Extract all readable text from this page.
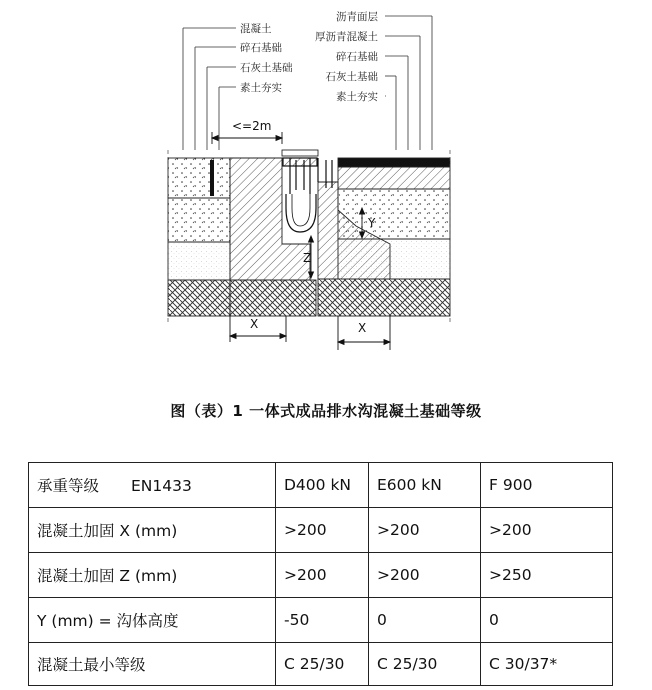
混凝土
碎石基础
石灰土基础
素土夯实
沥青面层
厚沥青混凝土
碎石基础
石灰土基础
素土夯实
<=2m
Z
Y
X	X
图（表）1 一体式成品排水沟混凝土基础等级
承重等级 EN1433	D400 kN	E600 kN	F 900
混凝土加固 X (mm)	>200	>200	>200
混凝土加固 Z (mm)	>200	>200	>250
Y (mm) = 沟体高度	-50	0	0
混凝土最小等级	C 25/30	C 25/30	C 30/37*
